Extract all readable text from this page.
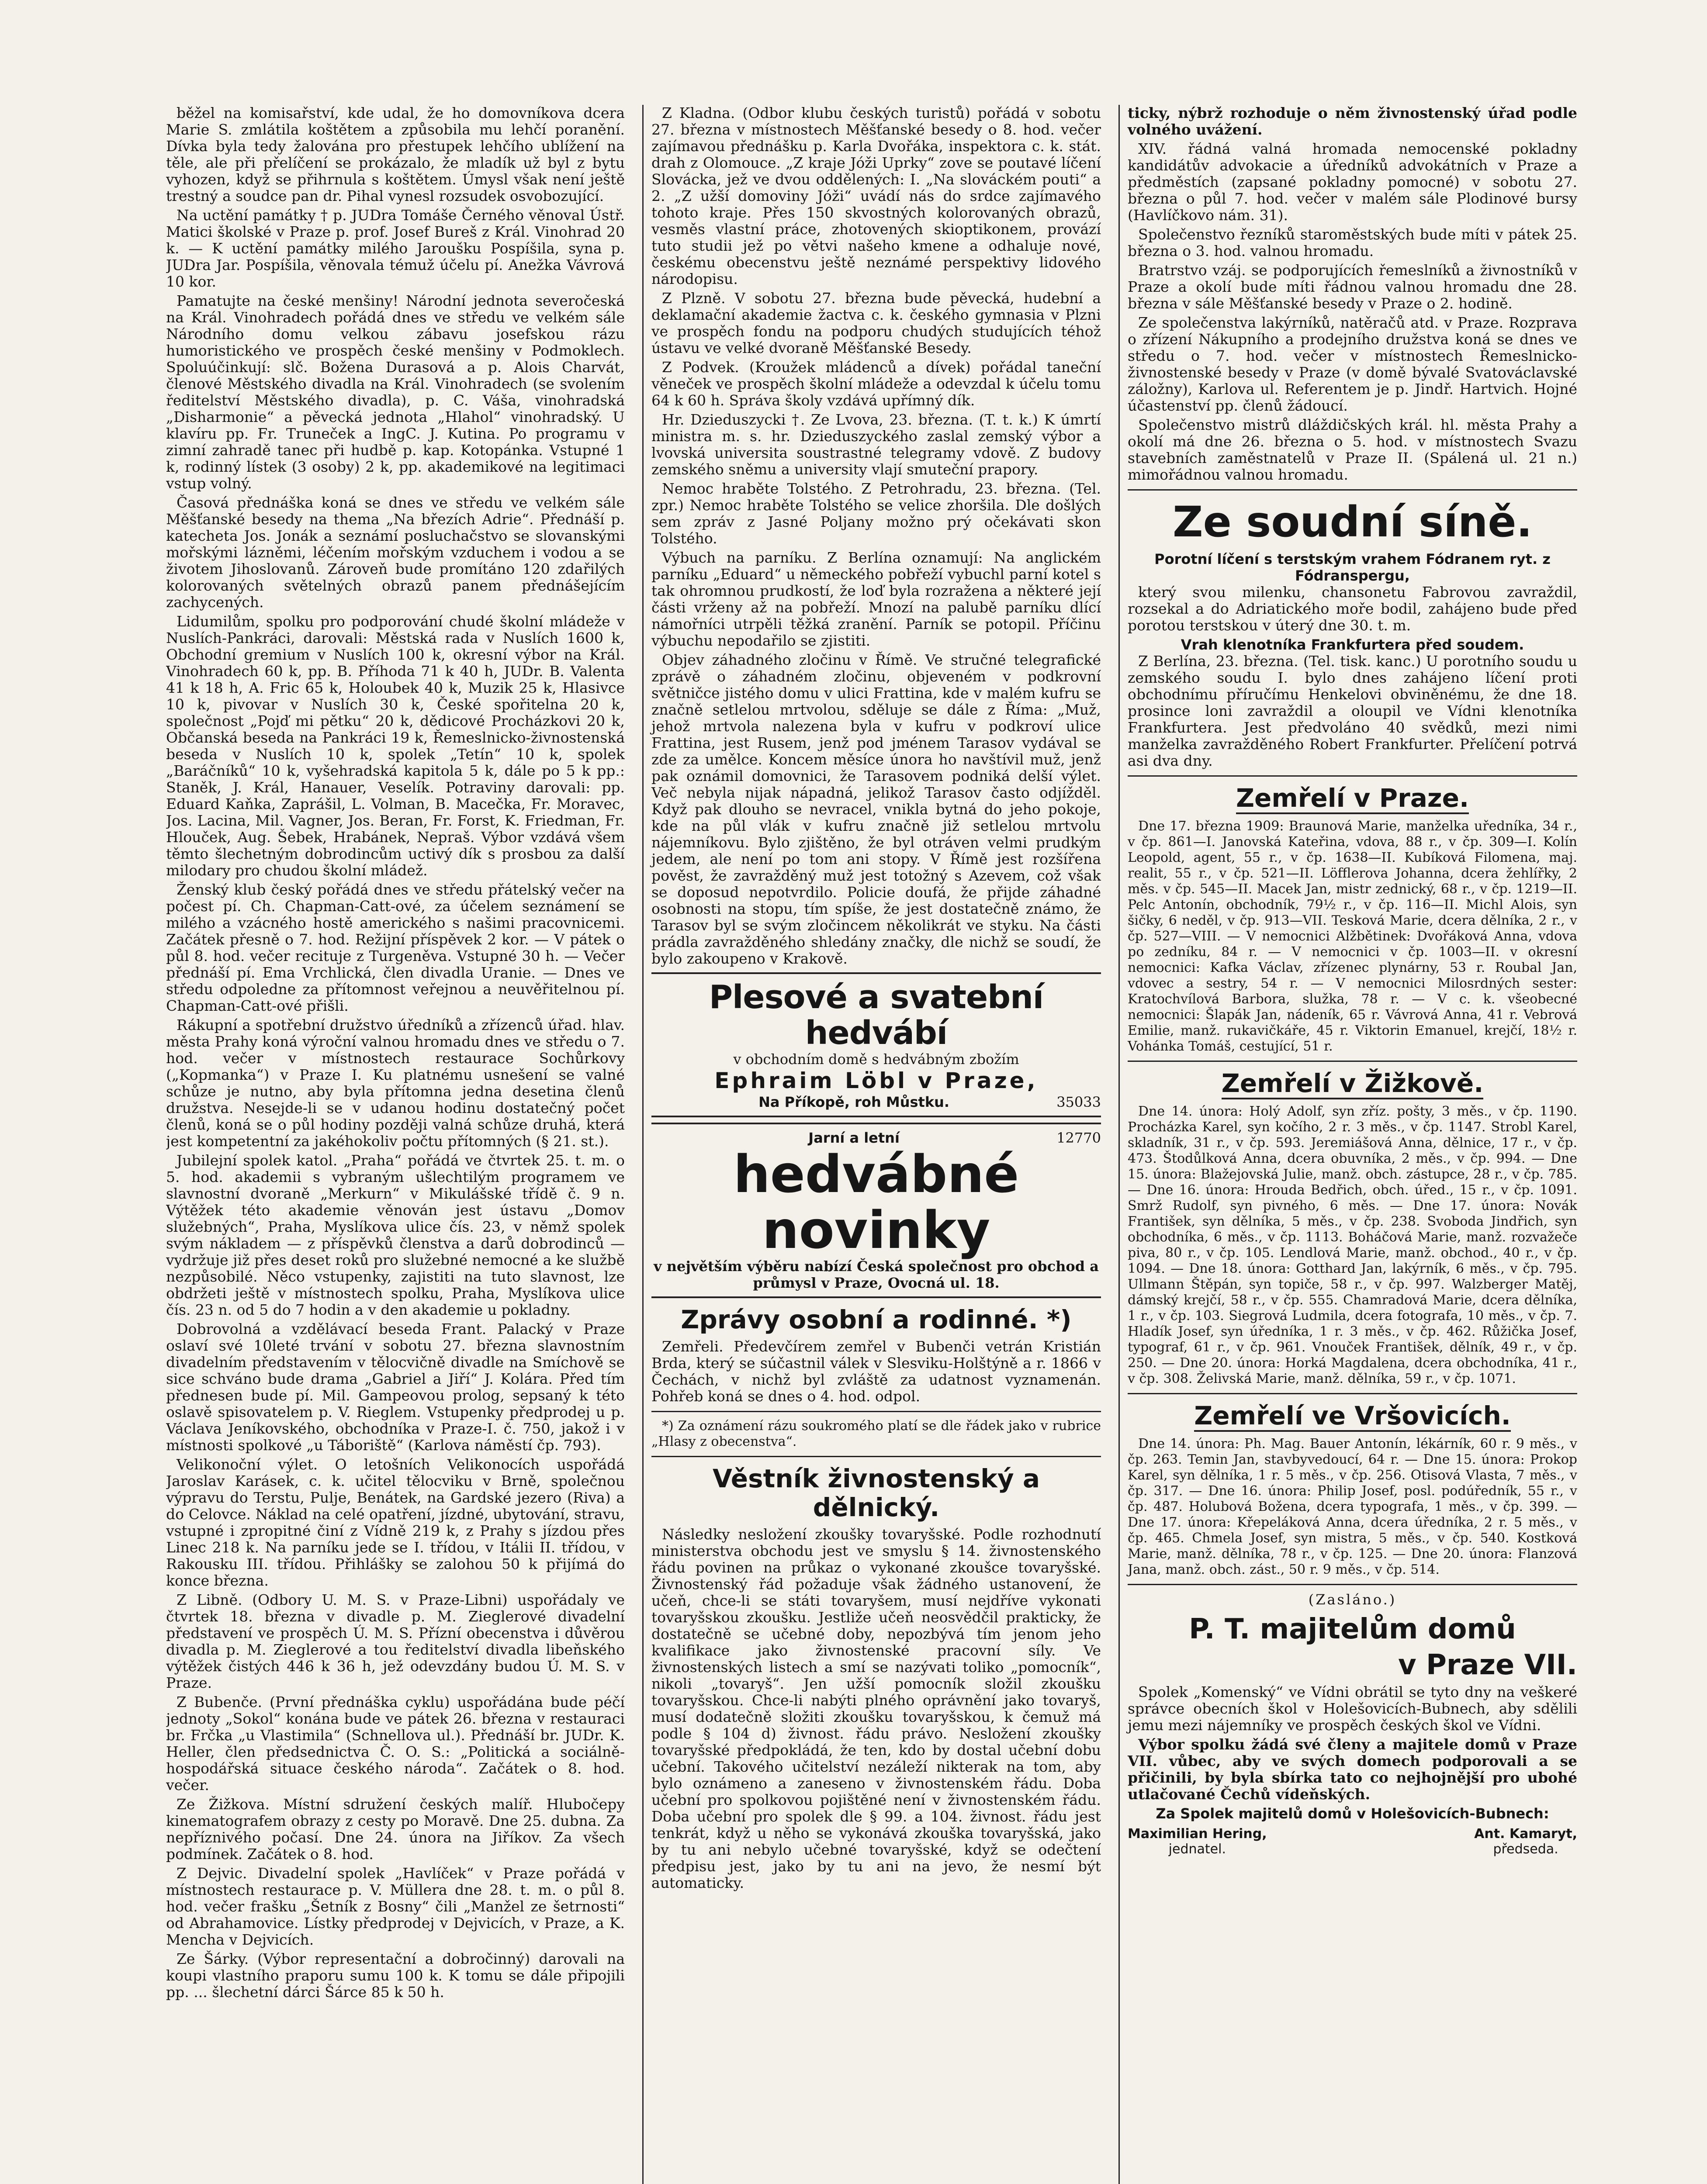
běžel na komisařství, kde udal, že ho domovníkova dcera Marie S. zmlátila koštětem a způsobila mu lehčí poranění. Dívka byla tedy žalována pro přestupek lehčího ublížení na těle, ale při přelíčení se prokázalo, že mladík už byl z bytu vyhozen, když se přihrnula s koštětem. Úmysl však není ještě trestný a soudce pan dr. Pihal vynesl rozsudek osvobozující.

Na uctění památky † p. JUDra Tomáše Černého věnoval Ústř. Matici školské v Praze p. prof. Josef Bureš z Král. Vinohrad 20 k. — K uctění památky milého Jaroušku Pospíšila, syna p. JUDra Jar. Pospíšila, věnovala témuž účelu pí. Anežka Vávrová 10 kor.

Pamatujte na české menšiny! Národní jednota severočeská na Král. Vinohradech pořádá dnes ve středu ve velkém sále Národního domu velkou zábavu josefskou rázu humoristického ve prospěch české menšiny v Podmoklech. Spoluúčinkují: slč. Božena Durasová a p. Alois Charvát, členové Městského divadla na Král. Vinohradech (se svolením ředitelství Městského divadla), p. C. Váša, vinohradská „Disharmonie“ a pěvecká jednota „Hlahol“ vinohradský. U klavíru pp. Fr. Truneček a IngC. J. Kutina. Po programu v zimní zahradě tanec při hudbě p. kap. Kotopánka. Vstupné 1 k, rodinný lístek (3 osoby) 2 k, pp. akademikové na legitimaci vstup volný.

Časová přednáška koná se dnes ve středu ve velkém sále Měšťanské besedy na thema „Na březích Adrie“. Přednáší p. katecheta Jos. Jonák a seznámí posluchačstvo se slovanskými mořskými lázněmi, léčením mořským vzduchem i vodou a se životem Jihoslovanů. Zároveň bude promítáno 120 zdařilých kolorovaných světelných obrazů panem přednášejícím zachycených.

Lidumilům, spolku pro podporování chudé školní mládeže v Nuslích-Pankráci, darovali: Městská rada v Nuslích 1600 k, Obchodní gremium v Nuslích 100 k, okresní výbor na Král. Vinohradech 60 k, pp. B. Příhoda 71 k 40 h, JUDr. B. Valenta 41 k 18 h, A. Fric 65 k, Holoubek 40 k, Muzik 25 k, Hlasivce 10 k, pivovar v Nuslích 30 k, České spořitelna 20 k, společnost „Pojď mi pětku“ 20 k, dědicové Procházkovi 20 k, Občanská beseda na Pankráci 19 k, Řemeslnicko-živnostenská beseda v Nuslích 10 k, spolek „Tetín“ 10 k, spolek „Baráčníků“ 10 k, vyšehradská kapitola 5 k, dále po 5 k pp.: Staněk, J. Král, Hanauer, Veselík. Potraviny darovali: pp. Eduard Kaňka, Zaprášil, L. Volman, B. Macečka, Fr. Moravec, Jos. Lacina, Mil. Vagner, Jos. Beran, Fr. Forst, K. Friedman, Fr. Hlouček, Aug. Šebek, Hrabánek, Nepraš. Výbor vzdává všem těmto šlechetným dobrodincům uctivý dík s prosbou za další milodary pro chudou školní mládež.

Ženský klub český pořádá dnes ve středu přátelský večer na počest pí. Ch. Chapman-Catt-ové, za účelem seznámení se milého a vzácného hostě amerického s našimi pracovnicemi. Začátek přesně o 7. hod. Režijní příspěvek 2 kor. — V pátek o půl 8. hod. večer recituje z Turgeněva. Vstupné 30 h. — Večer přednáší pí. Ema Vrchlická, člen divadla Uranie. — Dnes ve středu odpoledne za přítomnost veřejnou a neuvěřitelnou pí. Chapman-Catt-ové přišli.

Rákupní a spotřební družstvo úředníků a zřízenců úřad. hlav. města Prahy koná výroční valnou hromadu dnes ve středu o 7. hod. večer v místnostech restaurace Sochůrkovy („Kopmanka“) v Praze I. Ku platnému usnešení se valné schůze je nutno, aby byla přítomna jedna desetina členů družstva. Nesejde-li se v udanou hodinu dostatečný počet členů, koná se o půl hodiny později valná schůze druhá, která jest kompetentní za jakéhokoliv počtu přítomných (§ 21. st.).

Jubilejní spolek katol. „Praha“ pořádá ve čtvrtek 25. t. m. o 5. hod. akademii s vybraným ušlechtilým programem ve slavnostní dvoraně „Merkurn“ v Mikulášské třídě č. 9 n. Výtěžek této akademie věnován jest ústavu „Domov služebných“, Praha, Myslíkova ulice čís. 23, v němž spolek svým nákladem — z příspěvků členstva a darů dobrodinců — vydržuje již přes deset roků pro služebné nemocné a ke službě nezpůsobilé. Něco vstupenky, zajistiti na tuto slavnost, lze obdržeti ještě v místnostech spolku, Praha, Myslíkova ulice čís. 23 n. od 5 do 7 hodin a v den akademie u pokladny.

Dobrovolná a vzdělávací beseda Frant. Palacký v Praze oslaví své 10leté trvání v sobotu 27. března slavnostním divadelním představením v tělocvičně divadle na Smíchově se sice schváno bude drama „Gabriel a Jiří“ J. Kolára. Před tím přednesen bude pí. Mil. Gampeovou prolog, sepsaný k této oslavě spisovatelem p. V. Rieglem. Vstupenky předprodej u p. Václava Jeníkovského, obchodníka v Praze-I. č. 750, jakož i v místnosti spolkové „u Táboriště“ (Karlova náměstí čp. 793).

Velikonoční výlet. O letošních Velikonocích uspořádá Jaroslav Karásek, c. k. učitel tělocviku v Brně, společnou výpravu do Terstu, Pulje, Benátek, na Gardské jezero (Riva) a do Celovce. Náklad na celé opatření, jízdné, ubytování, stravu, vstupné i zpropitné činí z Vídně 219 k, z Prahy s jízdou přes Linec 218 k. Na parníku jede se I. třídou, v Itálii II. třídou, v Rakousku III. třídou. Přihlášky se zalohou 50 k přijímá do konce března.

Z Libně. (Odbory U. M. S. v Praze-Libni) uspořádaly ve čtvrtek 18. března v divadle p. M. Zieglerové divadelní představení ve prospěch Ú. M. S. Přízní obecenstva i důvěrou divadla p. M. Zieglerové a tou ředitelství divadla libeňského výtěžek čistých 446 k 36 h, jež odevzdány budou Ú. M. S. v Praze.

Z Bubenče. (První přednáška cyklu) uspořádána bude péčí jednoty „Sokol“ konána bude ve pátek 26. března v restauraci br. Frčka „u Vlastimila“ (Schnellova ul.). Přednáší br. JUDr. K. Heller, člen předsednictva Č. O. S.: „Politická a sociálně-hospodářská situace českého národa“. Začátek o 8. hod. večer.

Ze Žižkova. Místní sdružení českých malíř. Hlubočepy kinematografem obrazy z cesty po Moravě. Dne 25. dubna. Za nepříznivého počasí. Dne 24. února na Jiříkov. Za všech podmínek. Začátek o 8. hod.

Z Dejvic. Divadelní spolek „Havlíček“ v Praze pořádá v místnostech restaurace p. V. Müllera dne 28. t. m. o půl 8. hod. večer frašku „Šetník z Bosny“ čili „Manžel ze šetrnosti“ od Abrahamovice. Lístky předprodej v Dejvicích, v Praze, a K. Mencha v Dejvicích.

Ze Šárky. (Výbor representační a dobročinný) darovali na koupi vlastního praporu sumu 100 k. K tomu se dále připojili pp. ... šlechetní dárci Šárce 85 k 50 h.

Z Kladna. (Odbor klubu českých turistů) pořádá v sobotu 27. března v místnostech Měšťanské besedy o 8. hod. večer zajímavou přednášku p. Karla Dvořáka, inspektora c. k. stát. drah z Olomouce. „Z kraje Jóži Uprky“ zove se poutavé líčení Slovácka, jež ve dvou oddělených: I. „Na slováckém pouti“ a 2. „Z užší domoviny Jóži“ uvádí nás do srdce zajímavého tohoto kraje. Přes 150 skvostných kolorovaných obrazů, vesměs vlastní práce, zhotovených skioptikonem, provází tuto studii jež po větvi našeho kmene a odhaluje nové, českému obecenstvu ještě neznámé perspektivy lidového národopisu.

Z Plzně. V sobotu 27. března bude pěvecká, hudební a deklamační akademie žactva c. k. českého gymnasia v Plzni ve prospěch fondu na podporu chudých studujících téhož ústavu ve velké dvoraně Měšťanské Besedy.

Z Podvek. (Kroužek mládenců a dívek) pořádal taneční věneček ve prospěch školní mládeže a odevzdal k účelu tomu 64 k 60 h. Správa školy vzdává upřímný dík.

Hr. Dzieduszycki †. Ze Lvova, 23. března. (T. t. k.) K úmrtí ministra m. s. hr. Dzieduszyckého zaslal zemský výbor a lvovská universita soustrastné telegramy vdově. Z budovy zemského sněmu a university vlají smuteční prapory.

Nemoc hraběte Tolstého. Z Petrohradu, 23. března. (Tel. zpr.) Nemoc hraběte Tolstého se velice zhoršila. Dle došlých sem zpráv z Jasné Poljany možno prý očekávati skon Tolstého.

Výbuch na parníku. Z Berlína oznamují: Na anglickém parníku „Eduard“ u německého pobřeží vybuchl parní kotel s tak ohromnou prudkostí, že loď byla rozražena a některé její části vrženy až na pobřeží. Mnozí na palubě parníku dlící námořníci utrpěli těžká zranění. Parník se potopil. Příčinu výbuchu nepodařilo se zjistiti.

Objev záhadného zločinu v Římě. Ve stručné telegrafické zprávě o záhadném zločinu, objeveném v podkrovní světničce jistého domu v ulici Frattina, kde v malém kufru se značně setlelou mrtvolou, sděluje se dále z Říma: „Muž, jehož mrtvola nalezena byla v kufru v podkroví ulice Frattina, jest Rusem, jenž pod jménem Tarasov vydával se zde za umělce. Koncem měsíce února ho navštívil muž, jenž pak oznámil domovnici, že Tarasovem podniká delší výlet. Več nebyla nijak nápadná, jelikož Tarasov často odjížděl. Když pak dlouho se nevracel, vnikla bytná do jeho pokoje, kde na půl vlák v kufru značně již setlelou mrtvolu nájemníkovu. Bylo zjištěno, že byl otráven velmi prudkým jedem, ale není po tom ani stopy. V Římě jest rozšířena pověst, že zavražděný muž jest totožný s Azevem, což však se doposud nepotvrdilo. Policie doufá, že přijde záhadné osobnosti na stopu, tím spíše, že jest dostatečně známo, že Tarasov byl se svým zločincem několikrát ve styku. Na části prádla zavražděného shledány značky, dle nichž se soudí, že bylo zakoupeno v Krakově.

Plesové a svatební hedvábí
v obchodním domě s hedvábným zbožím
Ephraim Löbl v Praze,
Na Příkopě, roh Můstku.	35033
Jarní a letní	12770
hedvábné novinky
v největším výběru nabízí Česká společnost pro obchod a průmysl v Praze, Ovocná ul. 18.
Zprávy osobní a rodinné. *)

Zemřeli. Předevčírem zemřel v Bubenči vetrán Kristián Brda, který se súčastnil válek v Slesviku-Holštýně a r. 1866 v Čechách, v nichž byl zvláště za udatnost vyznamenán. Pohřeb koná se dnes o 4. hod. odpol.

*) Za oznámení rázu soukromého platí se dle řádek jako v rubrice „Hlasy z obecenstva“.

Věstník živnostenský a dělnický.

Následky nesložení zkoušky tovaryšské. Podle rozhodnutí ministerstva obchodu jest ve smyslu § 14. živnostenského řádu povinen na průkaz o vykonané zkoušce tovaryšské. Živnostenský řád požaduje však žádného ustanovení, že učeň, chce-li se státi tovaryšem, musí nejdříve vykonati tovaryšskou zkoušku. Jestliže učeň neosvědčil prakticky, že dostatečně se učebné doby, nepozbývá tím jenom jeho kvalifikace jako živnostenské pracovní síly. Ve živnostenských listech a smí se nazývati toliko „pomocník“, nikoli „tovaryš“. Jen užší pomocník složil zkoušku tovaryšskou. Chce-li nabýti plného oprávnění jako tovaryš, musí dodatečně složiti zkoušku tovaryšskou, k čemuž má podle § 104 d) živnost. řádu právo. Nesložení zkoušky tovaryšské předpokládá, že ten, kdo by dostal učební dobu učební. Takového učitelství nezáleží nikterak na tom, aby bylo oznámeno a zaneseno v živnostenském řádu. Doba učební pro spolkovou pojištěné není v živnostenském řádu. Doba učební pro spolek dle § 99. a 104. živnost. řádu jest tenkrát, když u něho se vykonává zkouška tovaryšská, jako by tu ani nebylo učebné tovaryšské, když se odečtení předpisu jest, jako by tu ani na jevo, že nesmí být automaticky.

ticky, nýbrž rozhoduje o něm živnostenský úřad podle volného uvážení.

XIV. řádná valná hromada nemocenské pokladny kandidátův advokacie a úředníků advokátních v Praze a předměstích (zapsané pokladny pomocné) v sobotu 27. března o půl 7. hod. večer v malém sále Plodinové bursy (Havlíčkovo nám. 31).

Společenstvo řezníků staroměstských bude míti v pátek 25. března o 3. hod. valnou hromadu.

Bratrstvo vzáj. se podporujících řemeslníků a živnostníků v Praze a okolí bude míti řádnou valnou hromadu dne 28. března v sále Měšťanské besedy v Praze o 2. hodině.

Ze společenstva lakýrníků, natěračů atd. v Praze. Rozprava o zřízení Nákupního a prodejního družstva koná se dnes ve středu o 7. hod. večer v místnostech Řemeslnicko-živnostenské besedy v Praze (v domě bývalé Svatováclavské záložny), Karlova ul. Referentem je p. Jindř. Hartvich. Hojné účastenství pp. členů žádoucí.

Společenstvo mistrů dláždičských král. hl. města Prahy a okolí má dne 26. března o 5. hod. v místnostech Svazu stavebních zaměstnatelů v Praze II. (Spálená ul. 21 n.) mimořádnou valnou hromadu.

Ze soudní síně.
Porotní líčení s terstským vrahem Fódranem ryt. z Fódranspergu,

který svou milenku, chansonetu Fabrovou zavraždil, rozsekal a do Adriatického moře bodil, zahájeno bude před porotou terstskou v úterý dne 30. t. m.

Vrah klenotníka Frankfurtera před soudem.

Z Berlína, 23. března. (Tel. tisk. kanc.) U porotního soudu u zemského soudu I. bylo dnes zahájeno líčení proti obchodnímu příručímu Henkelovi obviněnému, že dne 18. prosince loni zavraždil a oloupil ve Vídni klenotníka Frankfurtera. Jest předvoláno 40 svědků, mezi nimi manželka zavražděného Robert Frankfurter. Přelíčení potrvá asi dva dny.

Zemřelí v Praze.

Dne 17. března 1909: Braunová Marie, manželka uředníka, 34 r., v čp. 861—I. Janovská Kateřina, vdova, 88 r., v čp. 309—I. Kolín Leopold, agent, 55 r., v čp. 1638—II. Kubíková Filomena, maj. realit, 55 r., v čp. 521—II. Löfflerova Johanna, dcera žehlířky, 2 měs. v čp. 545—II. Macek Jan, mistr zednický, 68 r., v čp. 1219—II. Pelc Antonín, obchodník, 79½ r., v čp. 116—II. Michl Alois, syn šičky, 6 neděl, v čp. 913—VII. Tesková Marie, dcera dělníka, 2 r., v čp. 527—VIII. — V nemocnici Alžbětinek: Dvořáková Anna, vdova po zedníku, 84 r. — V nemocnici v čp. 1003—II. v okresní nemocnici: Kafka Václav, zřízenec plynárny, 53 r. Roubal Jan, vdovec a sestry, 54 r. — V nemocnici Milosrdných sester: Kratochvílová Barbora, služka, 78 r. — V c. k. všeobecné nemocnici: Šlapák Jan, nádeník, 65 r. Vávrová Anna, 41 r. Vebrová Emilie, manž. rukavičkáře, 45 r. Viktorin Emanuel, krejčí, 18½ r. Vohánka Tomáš, cestující, 51 r.

Zemřelí v Žižkově.

Dne 14. února: Holý Adolf, syn zříz. pošty, 3 měs., v čp. 1190. Procházka Karel, syn kočího, 2 r. 3 měs., v čp. 1147. Strobl Karel, skladník, 31 r., v čp. 593. Jeremiášová Anna, dělnice, 17 r., v čp. 473. Štodůlková Anna, dcera obuvníka, 2 měs., v čp. 994. — Dne 15. února: Blažejovská Julie, manž. obch. zástupce, 28 r., v čp. 785. — Dne 16. února: Hrouda Bedřich, obch. úřed., 15 r., v čp. 1091. Smrž Rudolf, syn pivného, 6 měs. — Dne 17. února: Novák František, syn dělníka, 5 měs., v čp. 238. Svoboda Jindřich, syn obchodníka, 6 měs., v čp. 1113. Boháčová Marie, manž. rozvažeče piva, 80 r., v čp. 105. Lendlová Marie, manž. obchod., 40 r., v čp. 1094. — Dne 18. února: Gotthard Jan, lakýrník, 6 měs., v čp. 795. Ullmann Štěpán, syn topiče, 58 r., v čp. 997. Walzberger Matěj, dámský krejčí, 58 r., v čp. 555. Chamradová Marie, dcera dělníka, 1 r., v čp. 103. Siegrová Ludmila, dcera fotografa, 10 měs., v čp. 7. Hladík Josef, syn úředníka, 1 r. 3 měs., v čp. 462. Růžička Josef, typograf, 61 r., v čp. 961. Vnouček František, dělník, 49 r., v čp. 250. — Dne 20. února: Horká Magdalena, dcera obchodníka, 41 r., v čp. 308. Želivská Marie, manž. dělníka, 59 r., v čp. 1071.

Zemřelí ve Vršovicích.

Dne 14. února: Ph. Mag. Bauer Antonín, lékárník, 60 r. 9 měs., v čp. 263. Temin Jan, stavbyvedoucí, 64 r. — Dne 15. února: Prokop Karel, syn dělníka, 1 r. 5 měs., v čp. 256. Otisová Vlasta, 7 měs., v čp. 317. — Dne 16. února: Philip Josef, posl. podúředník, 55 r., v čp. 487. Holubová Božena, dcera typografa, 1 měs., v čp. 399. — Dne 17. února: Křepeláková Anna, dcera úředníka, 2 r. 5 měs., v čp. 465. Chmela Josef, syn mistra, 5 měs., v čp. 540. Kostková Marie, manž. dělníka, 78 r., v čp. 125. — Dne 20. února: Flanzová Jana, manž. obch. zást., 50 r. 9 měs., v čp. 514.

(Zasláno.)
P. T. majitelům domů
v Praze VII.

Spolek „Komenský“ ve Vídni obrátil se tyto dny na veškeré správce obecních škol v Holešovicích-Bubnech, aby sdělili jemu mezi nájemníky ve prospěch českých škol ve Vídni.

Výbor spolku žádá své členy a majitele domů v Praze VII. vůbec, aby ve svých domech podporovali a se přičinili, by byla sbírka tato co nejhojnější pro ubohé utlačované Čechů vídeňských.

Za Spolek majitelů domů v Holešovicích-Bubnech:
Maximilian Hering,
jednatel.
Ant. Kamaryt,
předseda.
